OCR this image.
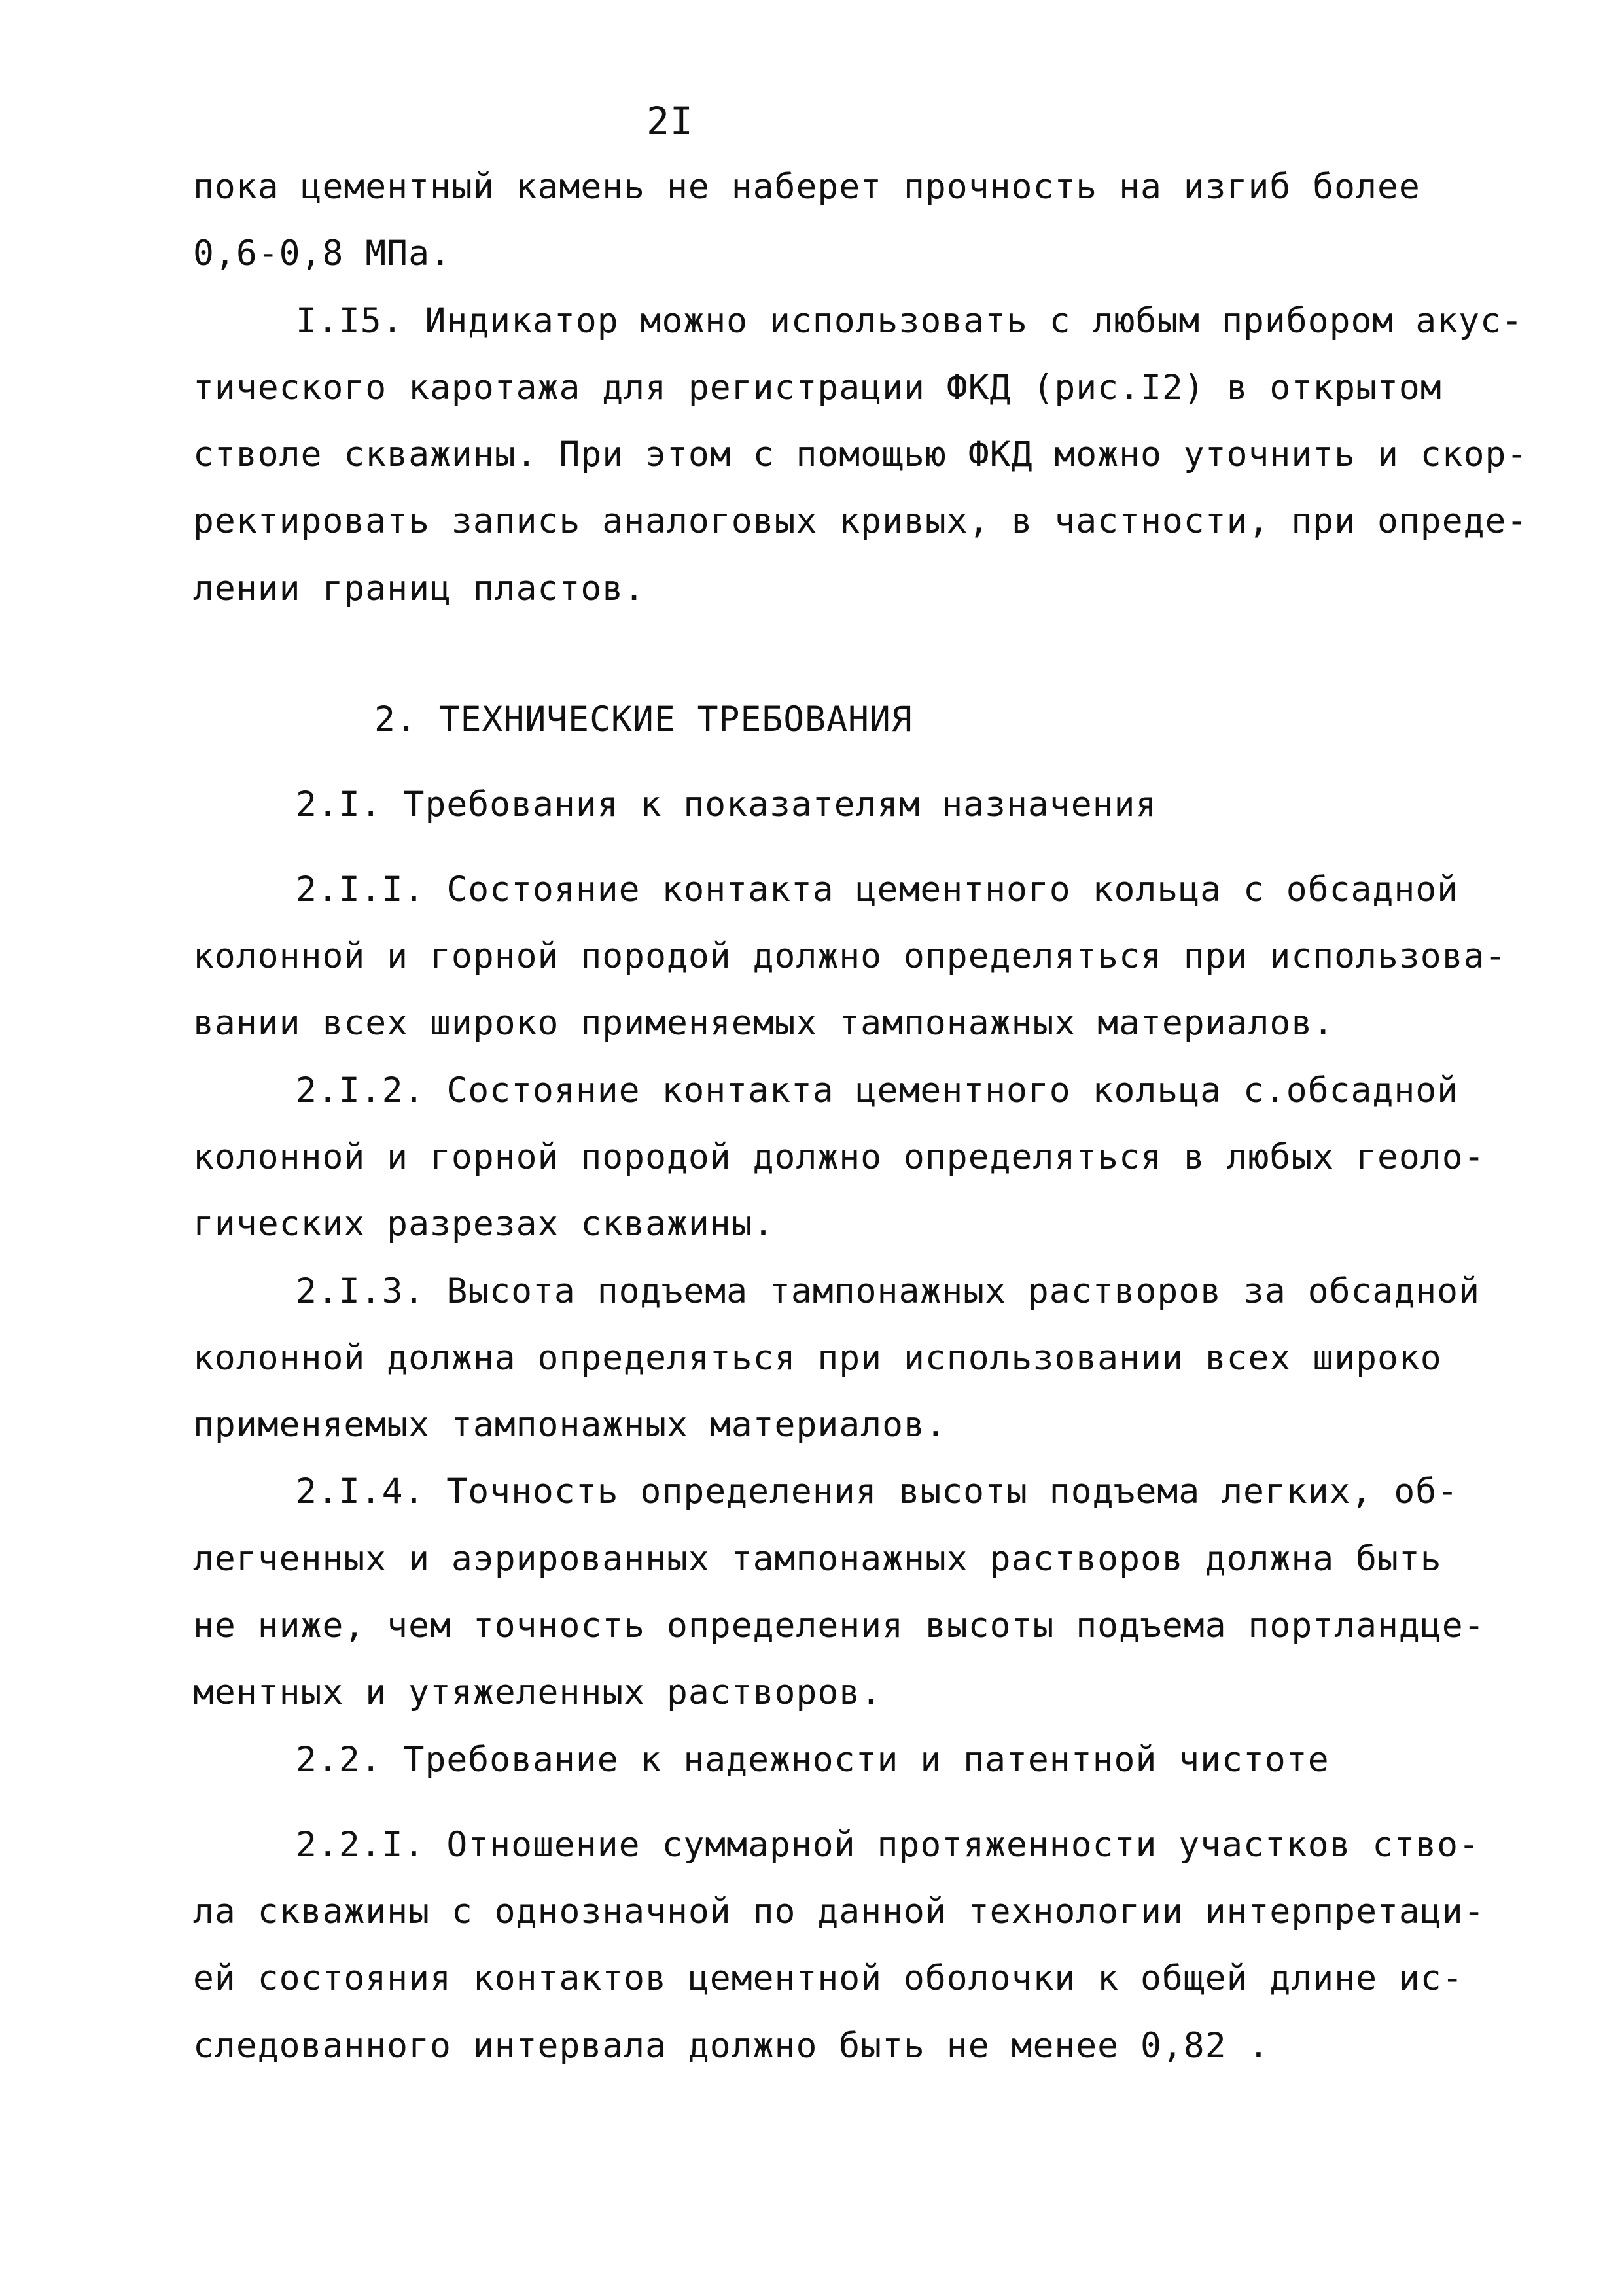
2I
пока цементный камень не наберет прочность на изгиб более
0,6-0,8 МПа.
I.I5. Индикатор можно использовать с любым прибором акус-
тического каротажа для регистрации ФКД (рис.I2) в открытом
стволе скважины. При этом с помощью ФКД можно уточнить и скор-
ректировать запись аналоговых кривых, в частности, при опреде-
лении границ пластов.
2. ТЕХНИЧЕСКИЕ ТРЕБОВАНИЯ
2.I. Требования к показателям назначения
2.I.I. Состояние контакта цементного кольца с обсадной
колонной и горной породой должно определяться при использова-
вании всех широко применяемых тампонажных материалов.
2.I.2. Состояние контакта цементного кольца с.обсадной
колонной и горной породой должно определяться в любых геоло-
гических разрезах скважины.
2.I.3. Высота подъема тампонажных растворов за обсадной
колонной должна определяться при использовании всех широко
применяемых тампонажных материалов.
2.I.4. Точность определения высоты подъема легких, об-
легченных и аэрированных тампонажных растворов должна быть
не ниже, чем точность определения высоты подъема портландце-
ментных и утяжеленных растворов.
2.2. Требование к надежности и патентной чистоте
2.2.I. Отношение суммарной протяженности участков ство-
ла скважины с однозначной по данной технологии интерпретаци-
ей состояния контактов цементной оболочки к общей длине ис-
следованного интервала должно быть не менее 0,82 .
